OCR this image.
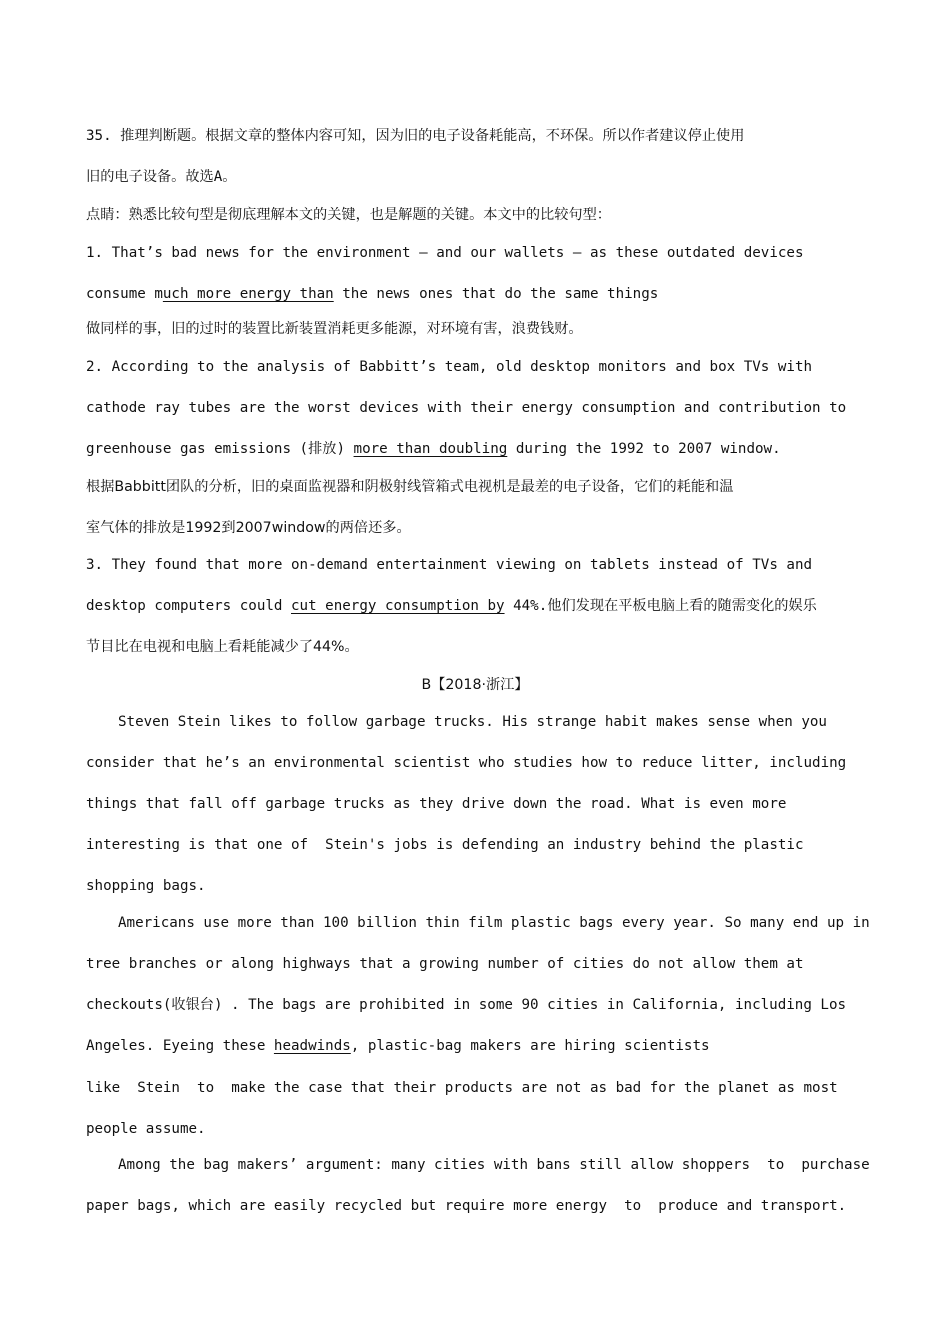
35. 推理判断题。根据文章的整体内容可知，因为旧的电子设备耗能高，不环保。所以作者建议停止使用
旧的电子设备。故选A。
点睛：熟悉比较句型是彻底理解本文的关键，也是解题的关键。本文中的比较句型：
1. That’s bad news for the environment – and our wallets – as these outdated devices
consume much more energy than the news ones that do the same things
做同样的事，旧的过时的装置比新装置消耗更多能源，对环境有害，浪费钱财。
2. According to the analysis of Babbitt’s team, old desktop monitors and box TVs with
cathode ray tubes are the worst devices with their energy consumption and contribution to
greenhouse gas emissions (排放) more than doubling during the 1992 to 2007 window.
根据Babbitt团队的分析，旧的桌面监视器和阴极射线管箱式电视机是最差的电子设备，它们的耗能和温
室气体的排放是1992到2007window的两倍还多。
3. They found that more on-demand entertainment viewing on tablets instead of TVs and
desktop computers could cut energy consumption by 44%.他们发现在平板电脑上看的随需变化的娱乐
节目比在电视和电脑上看耗能减少了44%。
B【2018·浙江】
Steven Stein likes to follow garbage trucks. His strange habit makes sense when you
consider that he’s an environmental scientist who studies how to reduce litter, including
things that fall off garbage trucks as they drive down the road. What is even more
interesting is that one of  Stein's jobs is defending an industry behind the plastic
shopping bags.
Americans use more than 100 billion thin film plastic bags every year. So many end up in
tree branches or along highways that a growing number of cities do not allow them at
checkouts(收银台) . The bags are prohibited in some 90 cities in California, including Los
Angeles. Eyeing these headwinds, plastic-bag makers are hiring scientists
like  Stein  to  make the case that their products are not as bad for the planet as most
people assume.
Among the bag makers’ argument: many cities with bans still allow shoppers  to  purchase
paper bags, which are easily recycled but require more energy  to  produce and transport.
